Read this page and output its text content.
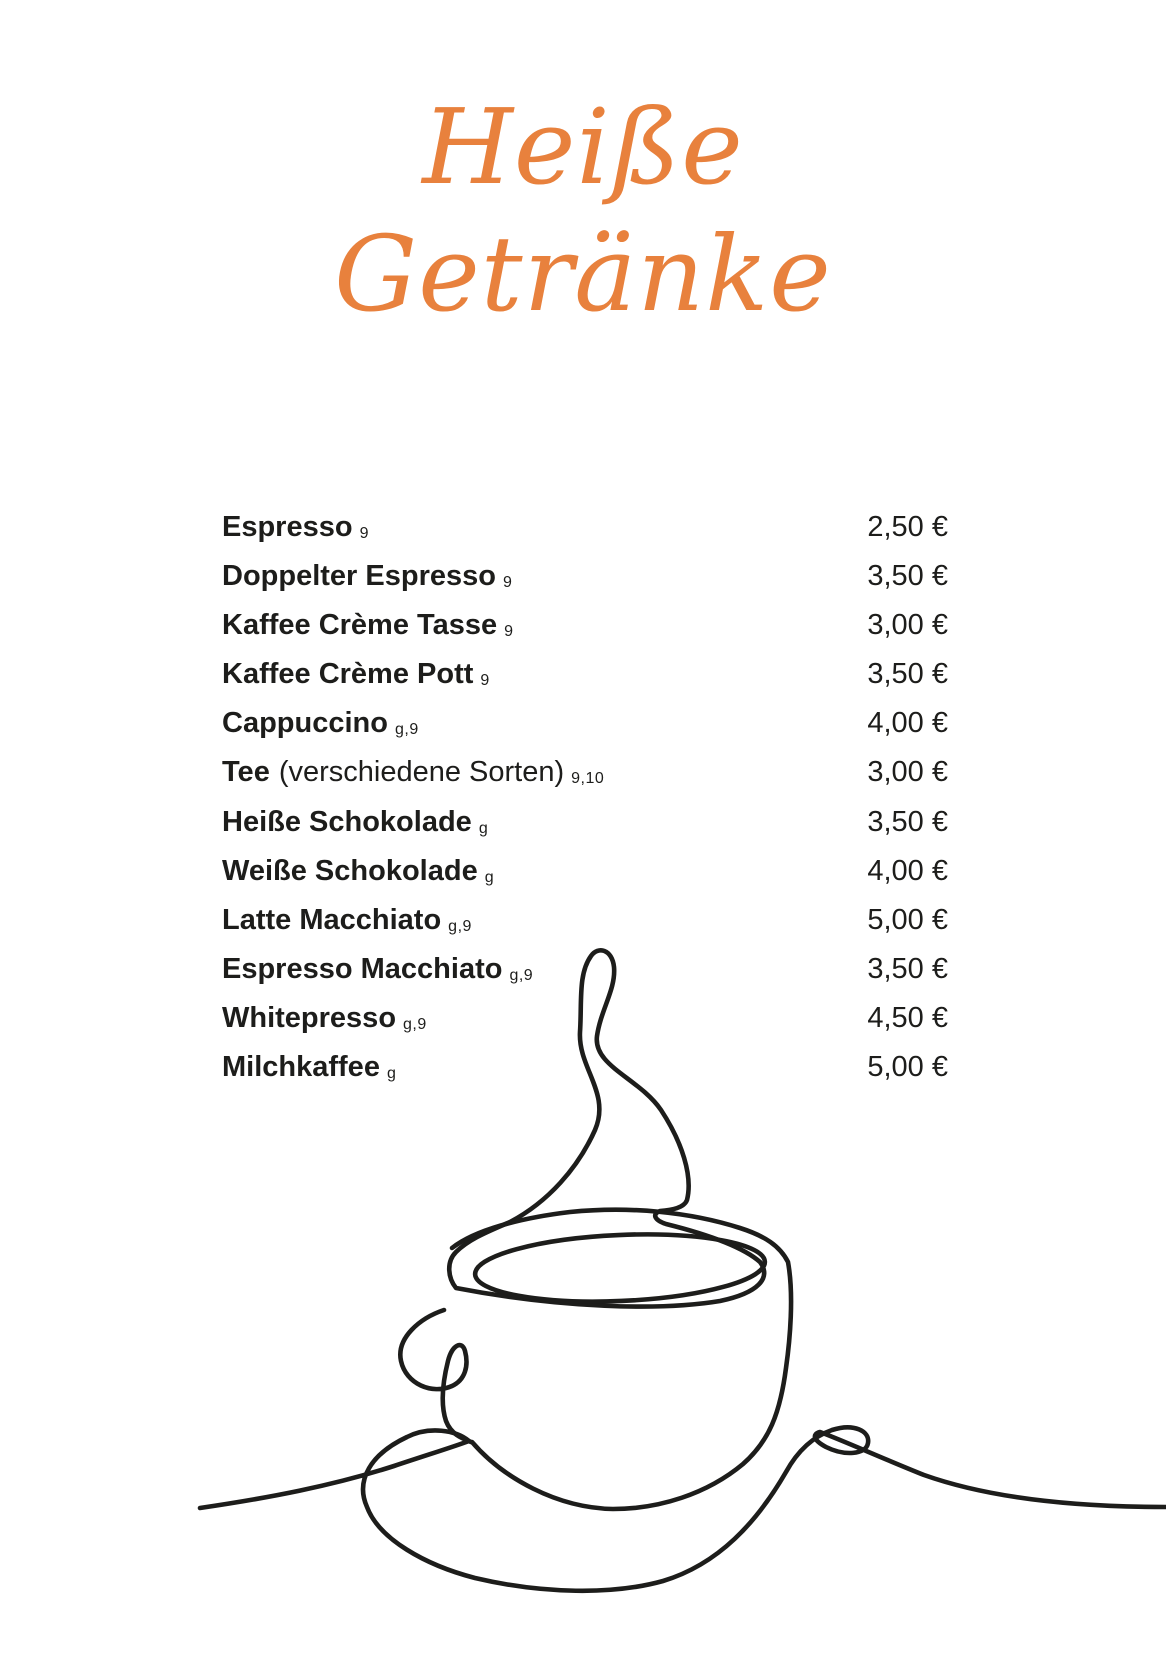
Heiße
Getränke
Espresso 9	2,50 €
Doppelter Espresso 9	3,50 €
Kaffee Crème Tasse 9	3,00 €
Kaffee Crème Pott 9	3,50 €
Cappuccino g,9	4,00 €
Tee (verschiedene Sorten) 9,10	3,00 €
Heiße Schokolade g	3,50 €
Weiße Schokolade g	4,00 €
Latte Macchiato g,9	5,00 €
Espresso Macchiato g,9	3,50 €
Whitepresso g,9	4,50 €
Milchkaffee g	5,00 €
